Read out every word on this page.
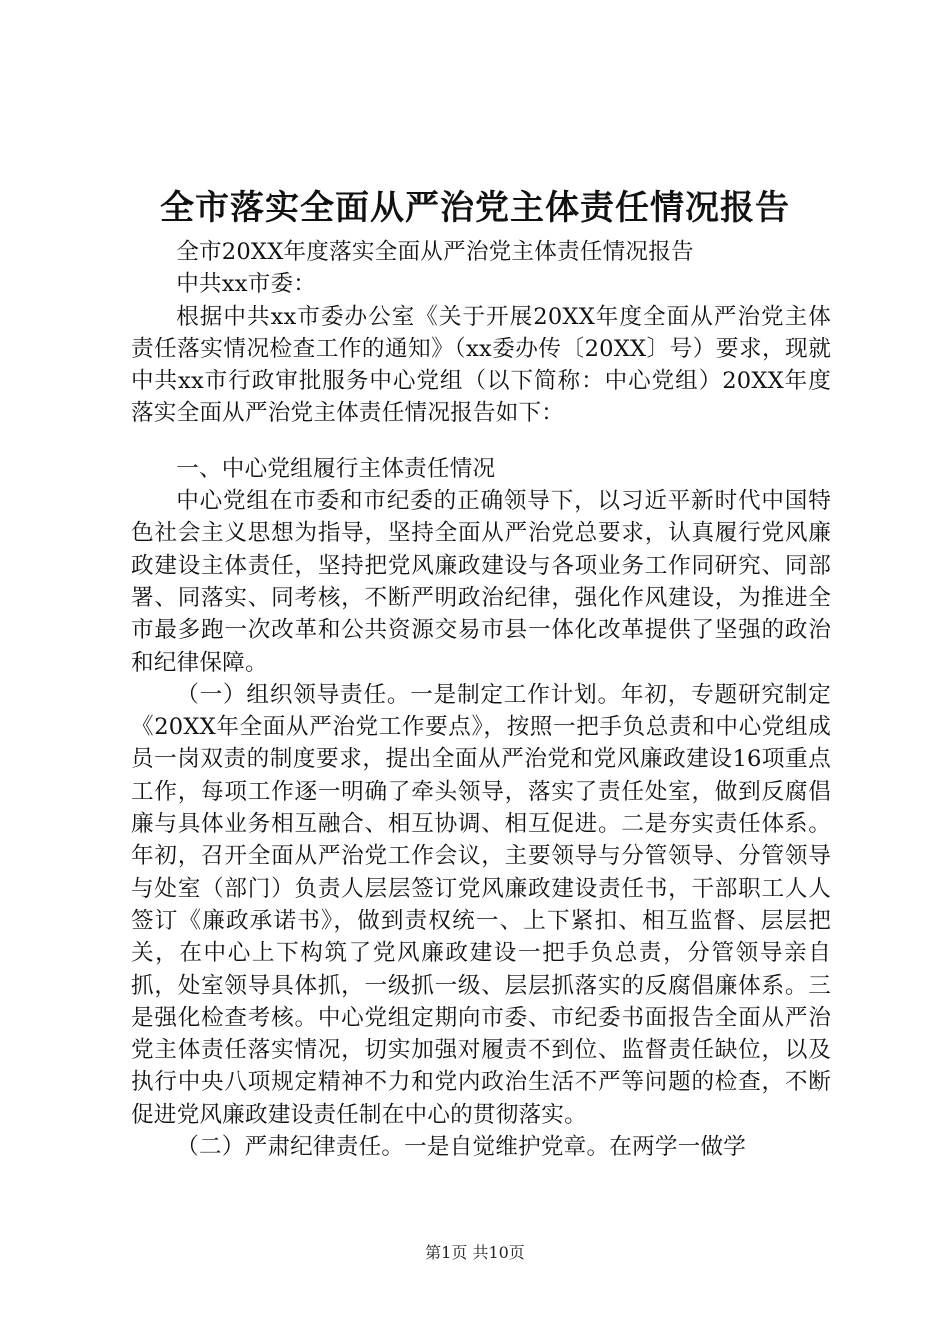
全市落实全面从严治党主体责任情况报告

全市20XX年度落实全面从严治党主体责任情况报告

中共xx市委：

根据中共xx市委办公室《关于开展20XX年度全面从严治党主体责任落实情况检查工作的通知》（xx委办传〔20XX〕号）要求，现就中共xx市行政审批服务中心党组（以下简称：中心党组）20XX年度落实全面从严治党主体责任情况报告如下：

一、中心党组履行主体责任情况

中心党组在市委和市纪委的正确领导下，以习近平新时代中国特色社会主义思想为指导，坚持全面从严治党总要求，认真履行党风廉政建设主体责任，坚持把党风廉政建设与各项业务工作同研究、同部署、同落实、同考核，不断严明政治纪律，强化作风建设，为推进全市最多跑一次改革和公共资源交易市县一体化改革提供了坚强的政治和纪律保障。

（一）组织领导责任。一是制定工作计划。年初，专题研究制定《20XX年全面从严治党工作要点》，按照一把手负总责和中心党组成员一岗双责的制度要求，提出全面从严治党和党风廉政建设16项重点工作，每项工作逐一明确了牵头领导，落实了责任处室，做到反腐倡廉与具体业务相互融合、相互协调、相互促进。二是夯实责任体系。年初，召开全面从严治党工作会议，主要领导与分管领导、分管领导与处室（部门）负责人层层签订党风廉政建设责任书，干部职工人人签订《廉政承诺书》，做到责权统一、上下紧扣、相互监督、层层把关，在中心上下构筑了党风廉政建设一把手负总责，分管领导亲自抓，处室领导具体抓，一级抓一级、层层抓落实的反腐倡廉体系。三是强化检查考核。中心党组定期向市委、市纪委书面报告全面从严治党主体责任落实情况，切实加强对履责不到位、监督责任缺位，以及执行中央八项规定精神不力和党内政治生活不严等问题的检查，不断促进党风廉政建设责任制在中心的贯彻落实。

（二）严肃纪律责任。一是自觉维护党章。在两学一做学

第1页 共10页
